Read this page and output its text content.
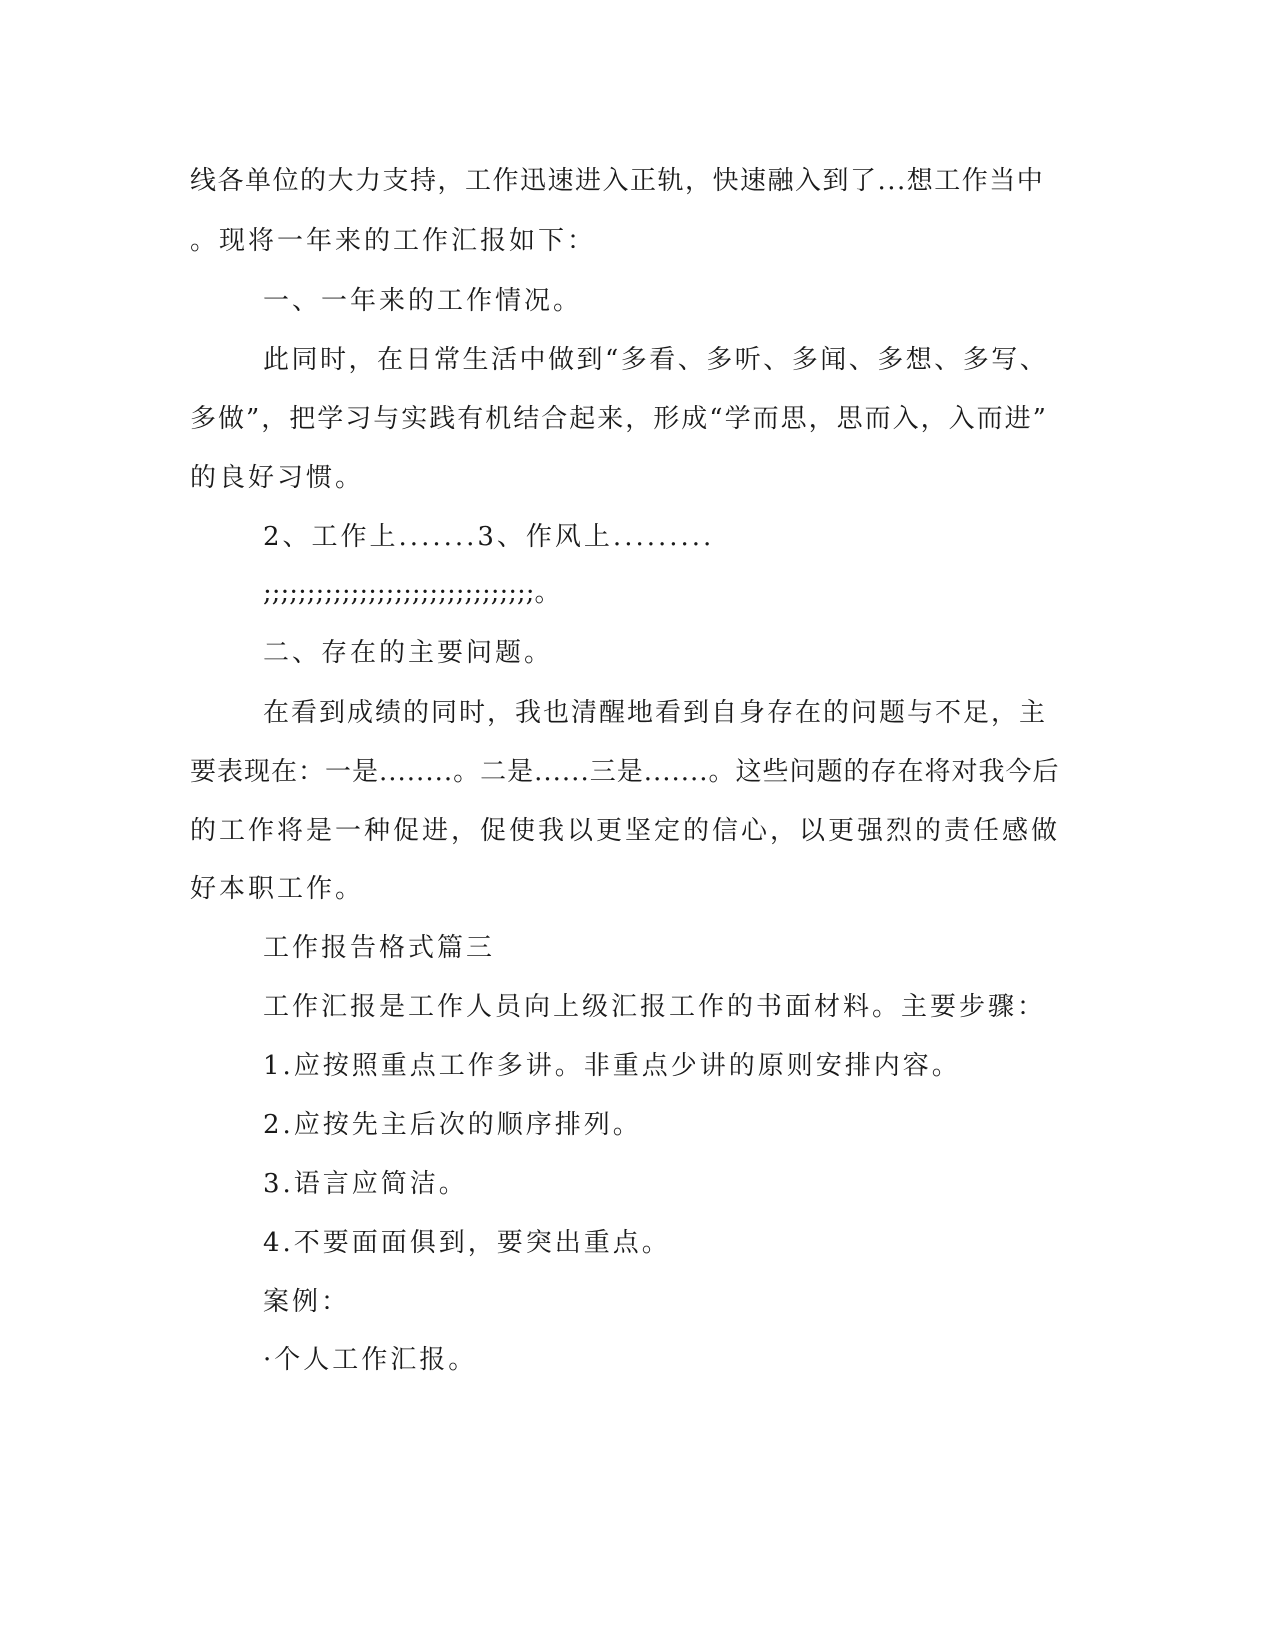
线各单位的大力支持，工作迅速进入正轨，快速融入到了...想工作当中
。现将一年来的工作汇报如下：
一、一年来的工作情况。
此同时，在日常生活中做到“多看、多听、多闻、多想、多写、
多做”，把学习与实践有机结合起来，形成“学而思，思而入，入而进”
的良好习惯。
2、工作上.......3、作风上.........
;;;;;;;;;;;;;;;;;;;;;;;;;;;;;;;。
二、存在的主要问题。
在看到成绩的同时，我也清醒地看到自身存在的问题与不足，主
要表现在：一是........。二是......三是.......。这些问题的存在将对我今后
的工作将是一种促进，促使我以更坚定的信心，以更强烈的责任感做
好本职工作。
工作报告格式篇三
工作汇报是工作人员向上级汇报工作的书面材料。主要步骤：
1.应按照重点工作多讲。非重点少讲的原则安排内容。
2.应按先主后次的顺序排列。
3.语言应简洁。
4.不要面面俱到，要突出重点。
案例：
·个人工作汇报。
